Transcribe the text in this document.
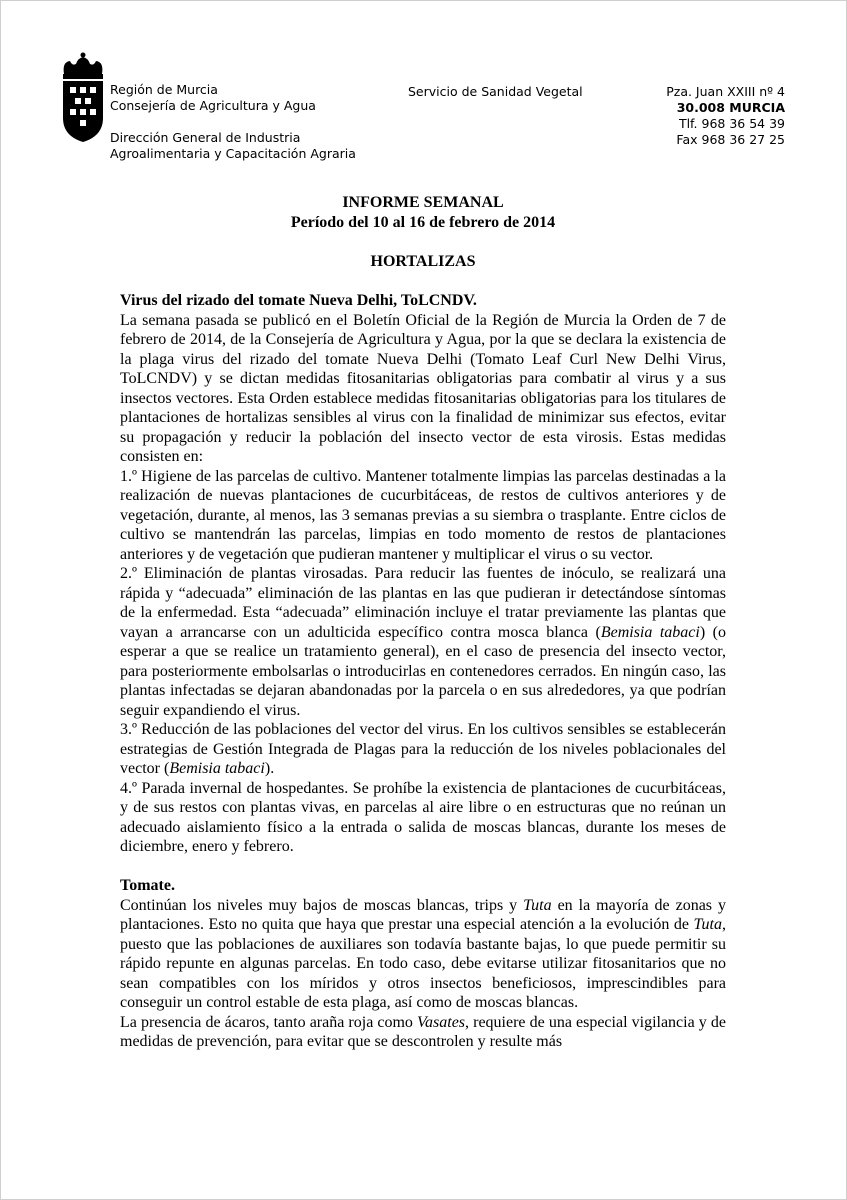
Región de Murcia
Consejería de Agricultura y Agua
Dirección General de Industria
Agroalimentaria y Capacitación Agraria
Servicio de Sanidad Vegetal	Pza. Juan XXIII nº 4
30.008 MURCIA
Tlf. 968 36 54 39
Fax 968 36 27 25

INFORME SEMANAL

Período del 10 al 16 de febrero de 2014

HORTALIZAS

Virus del rizado del tomate Nueva Delhi, ToLCNDV.

La semana pasada se publicó en el Boletín Oficial de la Región de Murcia la Orden de 7 de febrero de 2014, de la Consejería de Agricultura y Agua, por la que se declara la existencia de la plaga virus del rizado del tomate Nueva Delhi (Tomato Leaf Curl New Delhi Virus, ToLCNDV) y se dictan medidas fitosanitarias obligatorias para combatir al virus y a sus insectos vectores. Esta Orden establece medidas fitosanitarias obligatorias para los titulares de plantaciones de hortalizas sensibles al virus con la finalidad de minimizar sus efectos, evitar su propagación y reducir la población del insecto vector de esta virosis. Estas medidas consisten en:

1.º Higiene de las parcelas de cultivo. Mantener totalmente limpias las parcelas destinadas a la realización de nuevas plantaciones de cucurbitáceas, de restos de cultivos anteriores y de vegetación, durante, al menos, las 3 semanas previas a su siembra o trasplante. Entre ciclos de cultivo se mantendrán las parcelas, limpias en todo momento de restos de plantaciones anteriores y de vegetación que pudieran mantener y multiplicar el virus o su vector.

2.º Eliminación de plantas virosadas. Para reducir las fuentes de inóculo, se realizará una rápida y “adecuada” eliminación de las plantas en las que pudieran ir detectándose síntomas de la enfermedad. Esta “adecuada” eliminación incluye el tratar previamente las plantas que vayan a arrancarse con un adulticida específico contra mosca blanca (Bemisia tabaci) (o esperar a que se realice un tratamiento general), en el caso de presencia del insecto vector, para posteriormente embolsarlas o introducirlas en contenedores cerrados. En ningún caso, las plantas infectadas se dejaran abandonadas por la parcela o en sus alrededores, ya que podrían seguir expandiendo el virus.

3.º Reducción de las poblaciones del vector del virus. En los cultivos sensibles se establecerán estrategias de Gestión Integrada de Plagas para la reducción de los niveles poblacionales del vector (Bemisia tabaci).

4.º Parada invernal de hospedantes. Se prohíbe la existencia de plantaciones de cucurbitáceas, y de sus restos con plantas vivas, en parcelas al aire libre o en estructuras que no reúnan un adecuado aislamiento físico a la entrada o salida de moscas blancas, durante los meses de diciembre, enero y febrero.

Tomate.

Continúan los niveles muy bajos de moscas blancas, trips y Tuta en la mayoría de zonas y plantaciones. Esto no quita que haya que prestar una especial atención a la evolución de Tuta, puesto que las poblaciones de auxiliares son todavía bastante bajas, lo que puede permitir su rápido repunte en algunas parcelas. En todo caso, debe evitarse utilizar fitosanitarios que no sean compatibles con los míridos y otros insectos beneficiosos, imprescindibles para conseguir un control estable de esta plaga, así como de moscas blancas.

La presencia de ácaros, tanto araña roja como Vasates, requiere de una especial vigilancia y de medidas de prevención, para evitar que se descontrolen y resulte más
